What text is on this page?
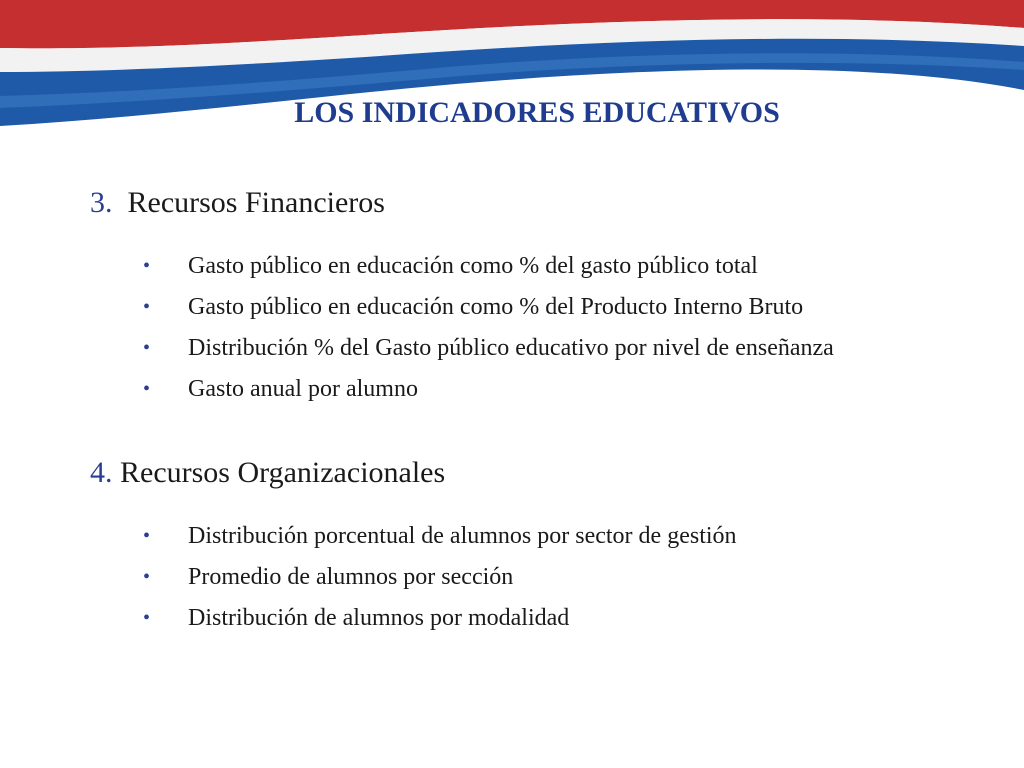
LOS INDICADORES EDUCATIVOS

3. Recursos Financieros

• Gasto público en educación como % del gasto público total
• Gasto público en educación como % del Producto Interno Bruto
• Distribución % del Gasto público educativo por nivel de enseñanza
• Gasto anual por alumno

4. Recursos Organizacionales

• Distribución porcentual de alumnos por sector de gestión
• Promedio de alumnos por sección
• Distribución de alumnos por modalidad
